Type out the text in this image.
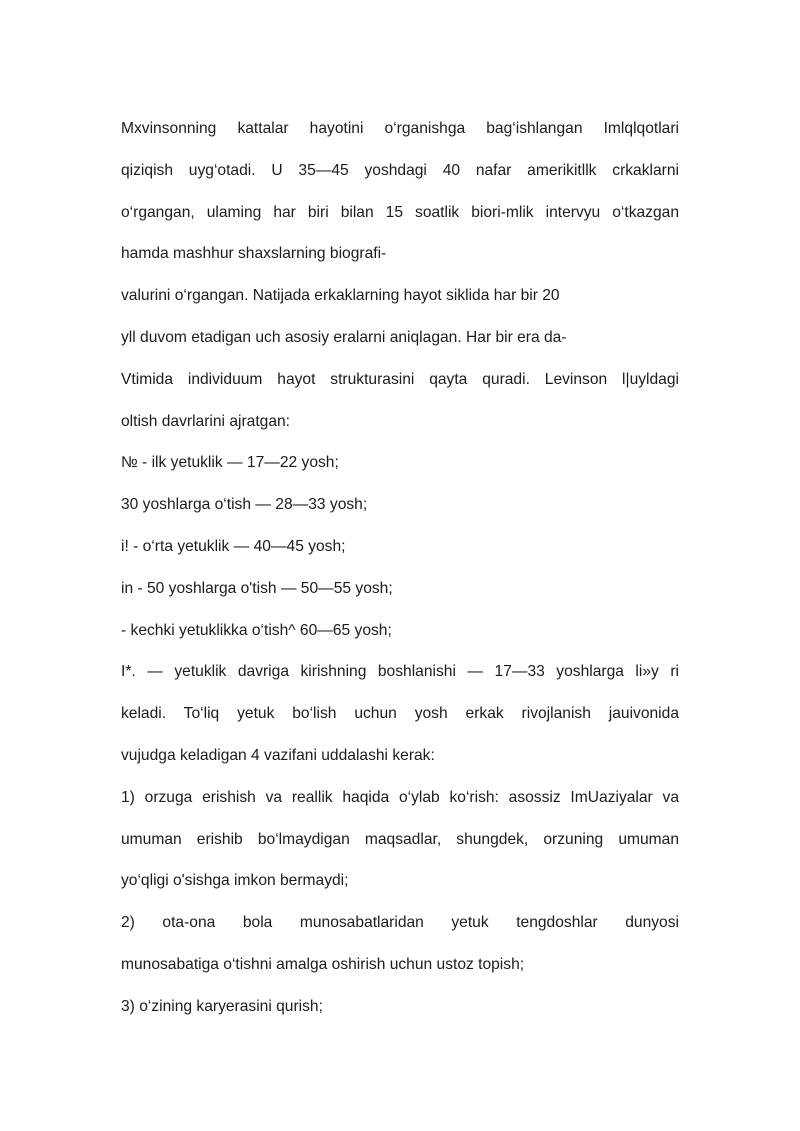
Mxvinsonning kattalar hayotini o‘rganishga bag‘ishlangan Imlqlqotlari
qiziqish uyg‘otadi. U 35—45 yoshdagi 40 nafar amerikitllk crkaklarni
o‘rgangan, ulaming har biri bilan 15 soatlik biori-mlik intervyu o‘tkazgan
hamda mashhur shaxslarning biografi-
valurini o‘rgangan. Natijada erkaklarning hayot siklida har bir 20
yll duvom etadigan uch asosiy eralarni aniqlagan. Har bir era da-
Vtimida individuum hayot strukturasini qayta quradi. Levinson l|uyldagi
oltish davrlarini ajratgan:
№ - ilk yetuklik — 17—22 yosh;
30 yoshlarga o‘tish — 28—33 yosh;
i! - o‘rta yetuklik — 40—45 yosh;
in - 50 yoshlarga o'tish — 50—55 yosh;
- kechki yetuklikka o‘tish^ 60—65 yosh;
I*. — yetuklik davriga kirishning boshlanishi — 17—33 yoshlarga li»y ri
keladi. To‘liq yetuk bo‘lish uchun yosh erkak rivojlanish jauivonida
vujudga keladigan 4 vazifani uddalashi kerak:
1) orzuga erishish va reallik haqida o‘ylab ko‘rish: asossiz ImUaziyalar va
umuman erishib bo‘lmaydigan maqsadlar, shungdek, orzuning umuman
yo‘qligi o'sishga imkon bermaydi;
2) ota-ona bola munosabatlaridan yetuk tengdoshlar dunyosi
munosabatiga o‘tishni amalga oshirish uchun ustoz topish;
3) o‘zining karyerasini qurish;
